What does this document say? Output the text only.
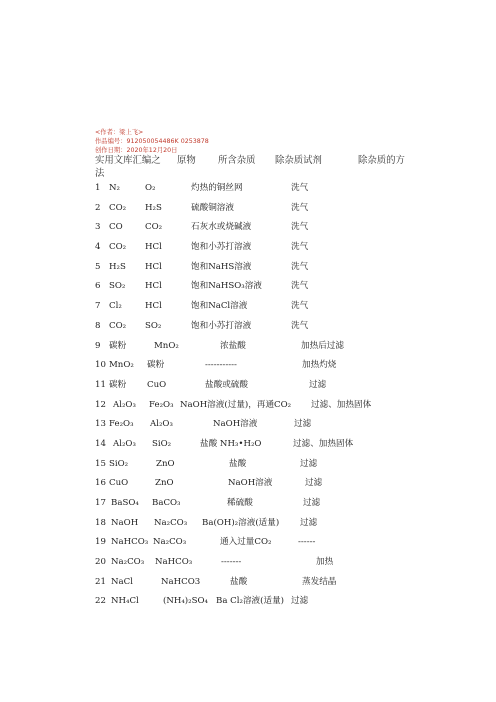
<作者：梁上飞>
作品编号：912050054486K 0253878
创作日期：2020年12月20日
实用文库汇编之 原物 所含杂质 除杂质试剂	除杂质的方
法
1 N₂	O₂	灼热的铜丝网	洗气
2 CO₂ H₂S	硫酸铜溶液	洗气
3 CO	CO₂	石灰水或烧碱液	洗气
4 CO₂ HCl	饱和小苏打溶液	洗气
5 H₂S HCl	饱和NaHS溶液	洗气
6 SO₂ HCl	饱和NaHSO₃溶液	洗气
7 Cl₂	HCl	饱和NaCl溶液	洗气
8 CO₂ SO₂	饱和小苏打溶液	洗气
9 碳粉	MnO₂	浓盐酸	加热后过滤
10 MnO₂ 碳粉	-----------	加热灼烧
11 碳粉 CuO	盐酸或硫酸	过滤
12 Al₂O₃ Fe₂O₃ NaOH溶液(过量)，再通CO₂ 过滤、加热固体
13 Fe₂O₃ Al₂O₃	NaOH溶液	过滤
14 Al₂O₃ SiO₂	盐酸 NH₃•H₂O	过滤、加热固体
15 SiO₂	ZnO	盐酸	过滤
16 CuO	ZnO	NaOH溶液	过滤
17 BaSO₄ BaCO₃	稀硫酸	过滤
18 NaOH Na₂CO₃ Ba(OH)₂溶液(适量) 过滤
19 NaHCO₃ Na₂CO₃	通入过量CO₂	------
20 Na₂CO₃ NaHCO₃	-------	加热
21 NaCl	NaHCO3	盐酸	蒸发结晶
22 NH₄Cl	(NH₄)₂SO₄ Ba Cl₂溶液(适量) 过滤
